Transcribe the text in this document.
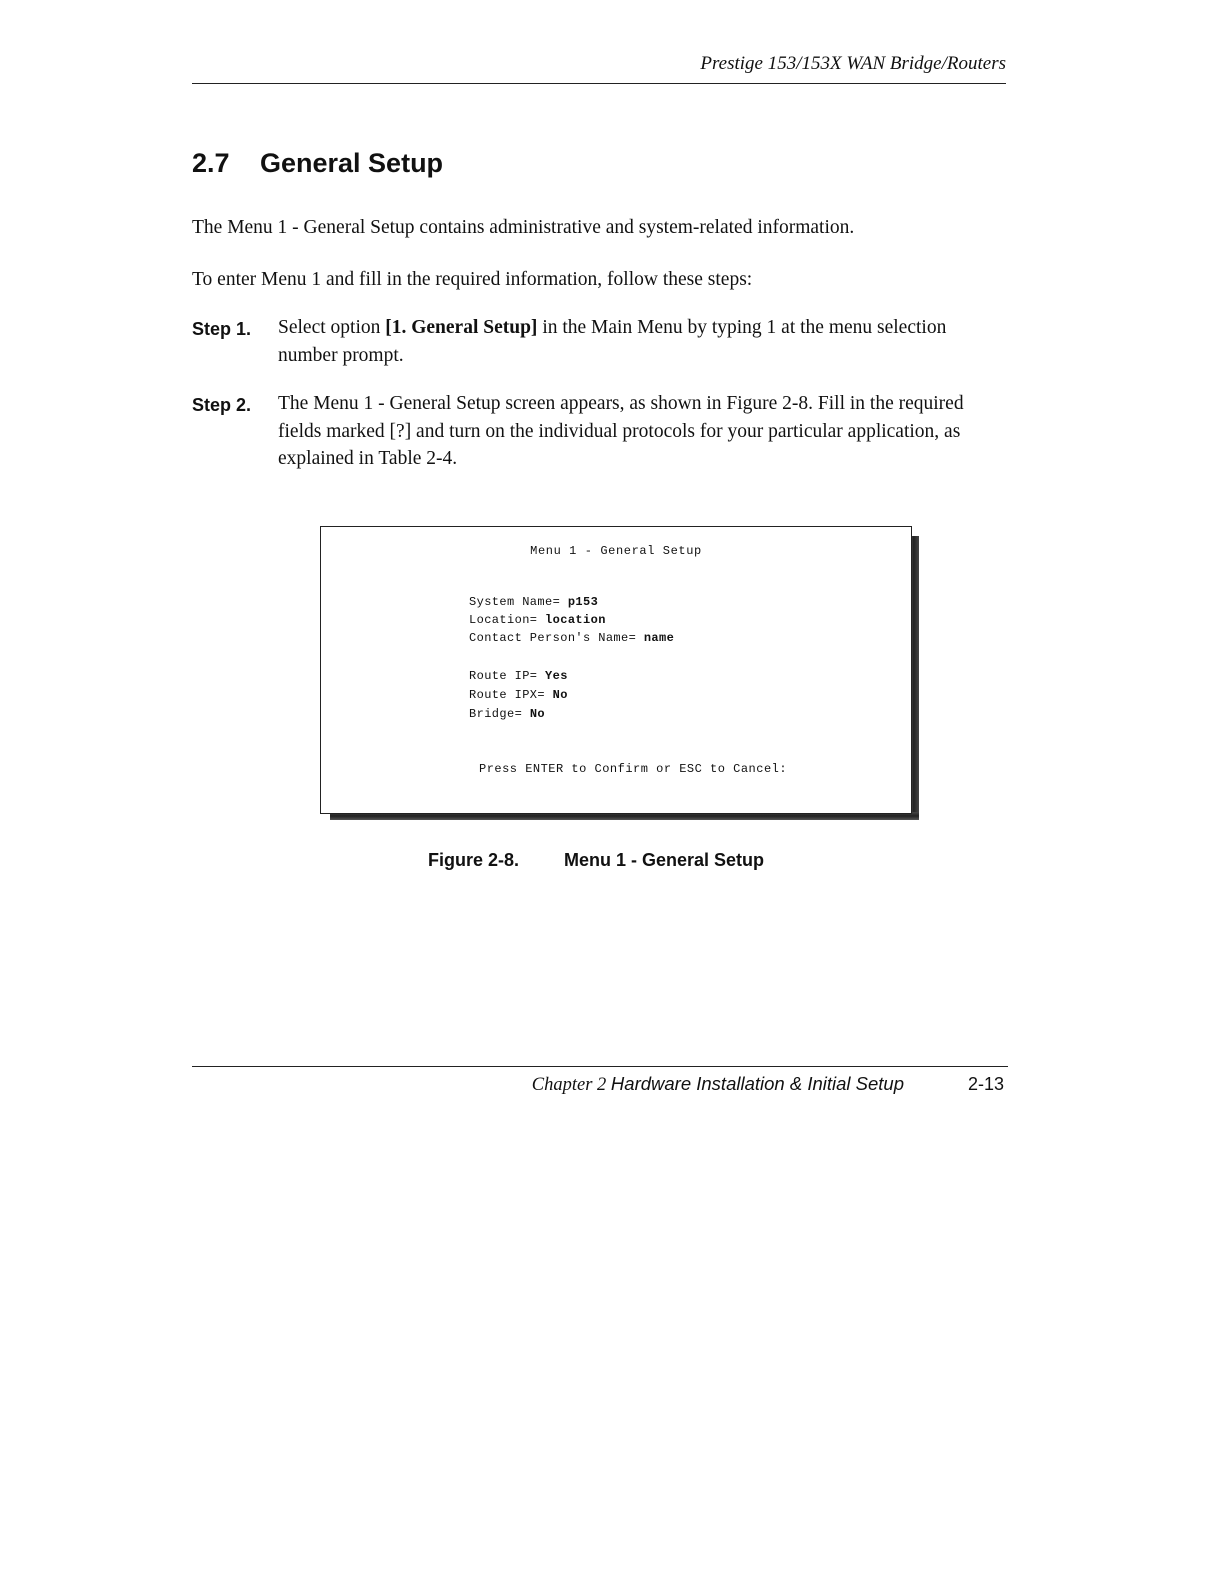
Prestige 153/153X WAN Bridge/Routers
2.7 General Setup
The Menu 1 - General Setup contains administrative and system-related information.
To enter Menu 1 and fill in the required information, follow these steps:
Step 1. Select option [1. General Setup] in the Main Menu by typing 1 at the menu selection number prompt.
Step 2. The Menu 1 - General Setup screen appears, as shown in Figure 2-8. Fill in the required fields marked [?] and turn on the individual protocols for your particular application, as explained in Table 2-4.
Menu 1 - General Setup
System Name= p153
Location= location
Contact Person's Name= name
Route IP= Yes
Route IPX= No
Bridge= No
Press ENTER to Confirm or ESC to Cancel:
Figure 2-8. Menu 1 - General Setup
Chapter 2 Hardware Installation & Initial Setup	2-13
